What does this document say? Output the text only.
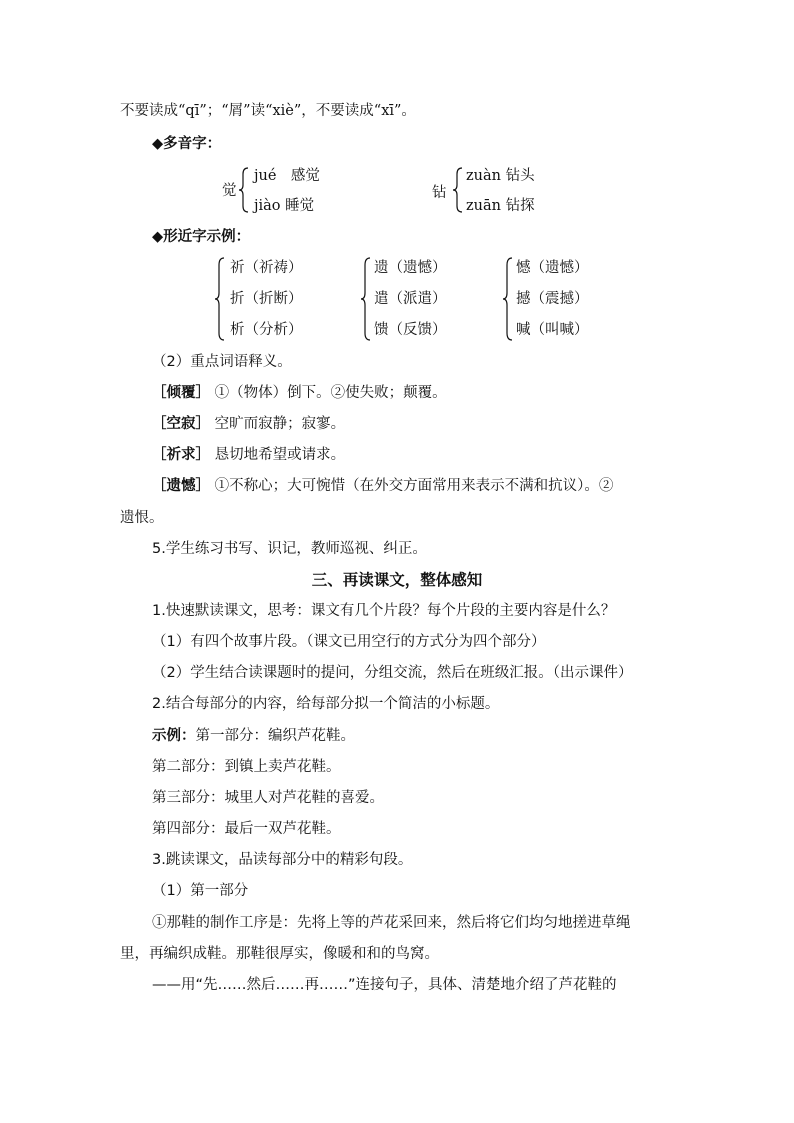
不要读成“qī”；“屑”读“xiè”，不要读成“xī”。
◆多音字：
觉
jué　感觉
jiào 睡觉
钻
zuàn 钻头
zuān 钻探
◆形近字示例：
祈（祈祷）
折（折断）
析（分析）
遗（遗憾）
遣（派遣）
馈（反馈）
憾（遗憾）
撼（震撼）
喊（叫喊）
（2）重点词语释义。
［倾覆］ ①（物体）倒下。②使失败；颠覆。
［空寂］ 空旷而寂静；寂寥。
［祈求］ 恳切地希望或请求。
［遗憾］ ①不称心；大可惋惜（在外交方面常用来表示不满和抗议）。②
遗恨。
5.学生练习书写、识记，教师巡视、纠正。
三、再读课文，整体感知
1.快速默读课文，思考：课文有几个片段？每个片段的主要内容是什么？
（1）有四个故事片段。（课文已用空行的方式分为四个部分）
（2）学生结合读课题时的提问，分组交流，然后在班级汇报。（出示课件）
2.结合每部分的内容，给每部分拟一个简洁的小标题。
示例：第一部分：编织芦花鞋。
第二部分：到镇上卖芦花鞋。
第三部分：城里人对芦花鞋的喜爱。
第四部分：最后一双芦花鞋。
3.跳读课文，品读每部分中的精彩句段。
（1）第一部分
①那鞋的制作工序是：先将上等的芦花采回来，然后将它们均匀地搓进草绳
里，再编织成鞋。那鞋很厚实，像暖和和的鸟窝。
——用“先……然后……再……”连接句子，具体、清楚地介绍了芦花鞋的
